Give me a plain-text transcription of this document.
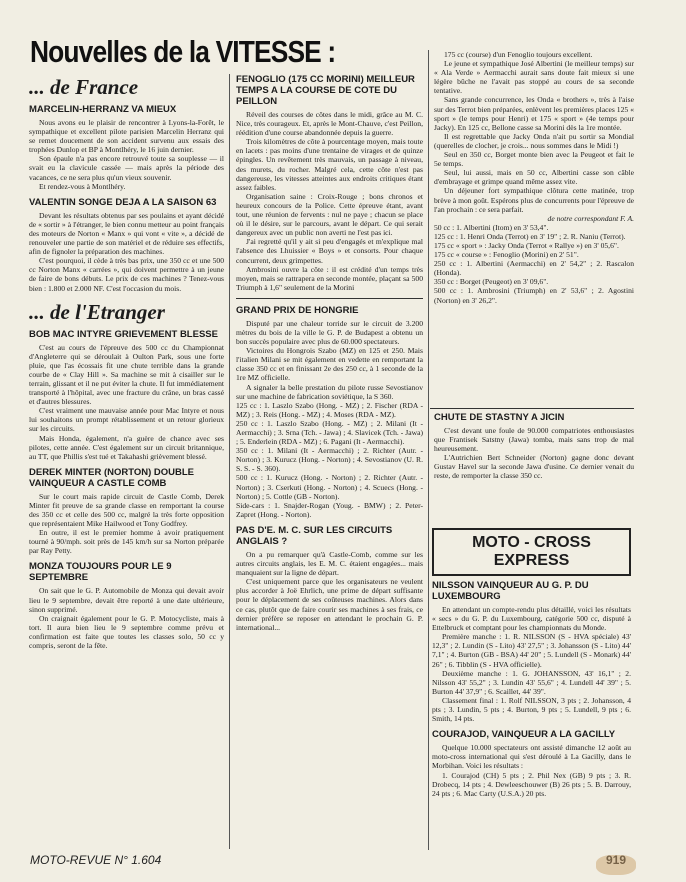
Nouvelles de la VITESSE :
... de France
MARCELIN-HERRANZ VA MIEUX

Nous avons eu le plaisir de rencontrer à Lyons-la-Forêt, le sympathique et excellent pilote parisien Marcelin Herranz qui se remet doucement de son accident survenu aux essais des trophées Dunlop et BP à Montlhéry, le 16 juin dernier.

Son épaule n'a pas encore retrouvé toute sa souplesse — il svait eu la clavicule cassée — mais après la période des vacances, ce ne sera plus qu'un vieux souvenir.

Et rendez-vous à Montlhéry.

VALENTIN SONGE DEJA A LA SAISON 63

Devant les résultats obtenus par ses poulains et ayant décidé de « sortir » à l'étranger, le bien connu metteur au point français des moteurs de Norton « Manx » qui vont « vite », a décidé de renouveler une partie de son matériel et de réduire ses effectifs, afin de fignoler la préparation des machines.

C'est pourquoi, il cède à très bas prix, une 350 cc et une 500 cc Norton Manx « carrées », qui doivent permettre à un jeune de faire de bons débuts. Le prix de ces machines ? Tenez-vous bien : 1.800 et 2.000 NF. C'est l'occasion du mois.

... de l'Etranger
BOB MAC INTYRE GRIEVEMENT BLESSE

C'est au cours de l'épreuve des 500 cc du Championnat d'Angleterre qui se déroulait à Oulton Park, sous une forte pluie, que l'as écossais fit une chute terrible dans la grande courbe de « Clay Hill ». Sa machine se mit à cisailler sur le terrain, glissant et il ne put éviter la chute. Il fut immédiatement transporté à l'hôpital, avec une fracture du crâne, un bras cassé et d'autres blessures.

C'est vraiment une mauvaise année pour Mac Intyre et nous lui souhaitons un prompt rétablissement et un retour glorieux sur les circuits.

Mais Honda, également, n'a guère de chance avec ses pilotes, cette année. C'est également sur un circuit britannique, au TT, que Phillis s'est tué et Takahashi grièvement blessé.

DEREK MINTER (NORTON) DOUBLE VAINQUEUR A CASTLE COMB

Sur le court mais rapide circuit de Castle Comb, Derek Minter fit preuve de sa grande classe en remportant la course des 350 cc et celle des 500 cc, malgré la très forte opposition que représentaient Mike Hailwood et Tony Godfrey.

En outre, il est le premier homme à avoir pratiquement tourné à 90/mph. soit près de 145 km/h sur sa Norton préparée par Ray Petty.

MONZA TOUJOURS POUR LE 9 SEPTEMBRE

On sait que le G. P. Automobile de Monza qui devait avoir lieu le 9 septembre, devait être reporté à une date ultérieure, sinon supprimé.

On craignait également pour le G. P. Motocycliste, mais à tort. Il aura bien lieu le 9 septembre comme prévu et confirmation est faite que toutes les classes solo, 50 cc y compris, seront de la fête.

FENOGLIO (175 CC MORINI) MEILLEUR TEMPS A LA COURSE DE COTE DU PEILLON

Réveil des courses de côtes dans le midi, grâce au M. C. Nice, très courageux. Et, après le Mont-Chauve, c'est Peillon, réédition d'une course abandonnée depuis la guerre.

Trois kilomètres de côte à pourcentage moyen, mais toute en lacets : pas moins d'une trentaine de virages et de quinze épingles. Un revêtement très mauvais, un passage à niveau, des murets, du rocher. Malgré cela, cette côte n'est pas dangereuse, les vitesses atteintes aux endroits critiques étant assez faibles.

Organisation saine : Croix-Rouge ; bons chronos et heureux concours de la Police. Cette épreuve étant, avant tout, une réunion de fervents : nul ne paye ; chacun se place où il le désire, sur le parcours, avant le départ. Ce qui serait dangereux avec un public non averti ne l'est pas ici.

J'ai regretté qu'il y ait si peu d'engagés et m'explique mal l'absence des Lhuissier « Boys » et consorts. Pour chaque concurrent, deux grimpettes.

Ambrosini ouvre la côte : il est crédité d'un temps très moyen, mais se rattrapera en seconde montée, plaçant sa 500 Triumph à 1,6" seulement de la Morini

GRAND PRIX DE HONGRIE

Disputé par une chaleur torride sur le circuit de 3.200 mètres du bois de la ville le G. P. de Budapest a obtenu un bon succès populaire avec plus de 60.000 spectateurs.

Victoires du Hongrois Szabo (MZ) en 125 et 250. Mais l'italien Milani se mit également en vedette en remportant la classe 350 cc et en finissant 2e des 250 cc, à 1 seconde de la 1re MZ officielle.

A signaler la belle prestation du pilote russe Sevostianov sur une machine de fabrication soviétique, la S 360.

125 cc : 1. Laszlo Szabo (Hong. - MZ) ; 2. Fischer (RDA - MZ) ; 3. Reis (Hong. - MZ) ; 4. Moses (RDA - MZ).

250 cc : 1. Laszlo Szabo (Hong. - MZ) ; 2. Milani (It - Aermacchi) ; 3. Srna (Tch. - Jawa) ; 4. Slavicek (Tch. - Jawa) ; 5. Enderlein (RDA - MZ) ; 6. Pagani (It - Aermacchi).

350 cc : 1. Milani (It - Aermacchi) ; 2. Richter (Autr. - Norton) ; 3. Kurucz (Hong. - Norton) ; 4. Sevostianov (U. R. S. S. - S. 360).

500 cc : 1. Kurucz (Hong. - Norton) ; 2. Richter (Autr. - Norton) ; 3. Cserkuti (Hong. - Norton) ; 4. Scuecs (Hong. - Norton) ; 5. Cottle (GB - Norton).

Side-cars : 1. Snajder-Rogan (Youg. - BMW) ; 2. Peter-Zapret (Hong. - Norton).

PAS D'E. M. C. SUR LES CIRCUITS ANGLAIS ?

On a pu remarquer qu'à Castle-Comb, comme sur les autres circuits anglais, les E. M. C. étaient engagées... mais manquaient sur la ligne de départ.

C'est uniquement parce que les organisateurs ne veulent plus accorder à Joë Ehrlich, une prime de départ suffisante pour le déplacement de ses coûteuses machines. Alors dans ce cas, plutôt que de faire courir ses machines à ses frais, ce dernier préfère se reposer en attendant le prochain G. P. international...

175 cc (course) d'un Fenoglio toujours excellent.

Le jeune et sympathique José Albertini (le meilleur temps) sur « Ala Verde » Aermacchi aurait sans doute fait mieux si une légère bûche ne l'avait pas stoppé au cours de sa seconde tentative.

Sans grande concurrence, les Onda « brothers », très à l'aise sur des Terrot bien préparées, enlèvent les premières places 125 « sport » (le temps pour Henri) et 175 « sport » (4e temps pour Jacky). En 125 cc, Bellone casse sa Morini dès la 1re montée.

Il est regrettable que Jacky Onda n'ait pu sortir sa Mondial (querelles de clocher, je crois... nous sommes dans le Midi !)

Seul en 350 cc, Borget monte bien avec la Peugeot et fait le 5e temps.

Seul, lui aussi, mais en 50 cc, Albertini casse son câble d'embrayage et grimpe quand même assez vite.

Un déjeuner fort sympathique clôtura cette matinée, trop brève à mon goût. Espérons plus de concurrents pour l'épreuve de l'an prochain : ce sera parfait.

de notre correspondant F. A.

50 cc : 1. Albertini (Itom) en 3' 53,4".

125 cc : 1. Henri Onda (Terrot) en 3' 19" ; 2. R. Naniu (Terrot).

175 cc « sport » : Jacky Onda (Terrot « Rallye ») en 3' 05,6".

175 cc « course » : Fenoglio (Morini) en 2' 51".

250 cc : 1. Albertini (Aermacchi) en 2' 54,2" ; 2. Rascalon (Honda).

350 cc : Borget (Peugeot) en 3' 09,6".

500 cc : 1. Ambrosini (Triumph) en 2' 53,6" ; 2. Agostini (Norton) en 3' 26,2".

CHUTE DE STASTNY A JICIN

C'est devant une foule de 90.000 compatriotes enthousiastes que Frantisek Satstny (Jawa) tomba, mais sans trop de mal heureusement.

L'Autrichien Bert Schneider (Norton) gagne donc devant Gustav Havel sur la seconde Jawa d'usine. Ce dernier venait du reste, de remporter la classe 350 cc.

MOTO - CROSS EXPRESS
NILSSON VAINQUEUR AU G. P. DU LUXEMBOURG

En attendant un compte-rendu plus détaillé, voici les résultats « secs » du G. P. du Luxembourg, catégorie 500 cc, disputé à Ettelbruck et comptant pour les championnats du Monde.

Première manche : 1. R. NILSSON (S - HVA spéciale) 43' 12,3" ; 2. Lundin (S - Lito) 43' 27,5" ; 3. Johansson (S - Lito) 44' 7,1" ; 4. Burton (GB - BSA) 44' 20" ; 5. Lundell (S - Monark) 44' 26" ; 6. Tibblin (S - HVA officielle).

Deuxième manche : 1. G. JOHANSSON, 43' 16,1" ; 2. Nilsson 43' 55,2" ; 3. Lundin 43' 55,6" ; 4. Lundell 44' 39" ; 5. Burton 44' 37,9" ; 6. Scaillet, 44' 39".

Classement final : 1. Rolf NILSSON, 3 pts ; 2. Johansson, 4 pts ; 3. Lundin, 5 pts ; 4. Burton, 9 pts ; 5. Lundell, 9 pts ; 6. Smith, 14 pts.

COURAJOD, VAINQUEUR A LA GACILLY

Quelque 10.000 spectateurs ont assisté dimanche 12 août au moto-cross international qui s'est déroulé à La Gacilly, dans le Morbihan. Voici les résultats :

1. Courajod (CH) 5 pts ; 2. Phil Nex (GB) 9 pts ; 3. R. Drobecq, 14 pts ; 4. Dewleeschouwer (B) 26 pts ; 5. B. Darrouy, 24 pts ; 6. Mac Carty (U.S.A.) 20 pts.

MOTO-REVUE N° 1.604
